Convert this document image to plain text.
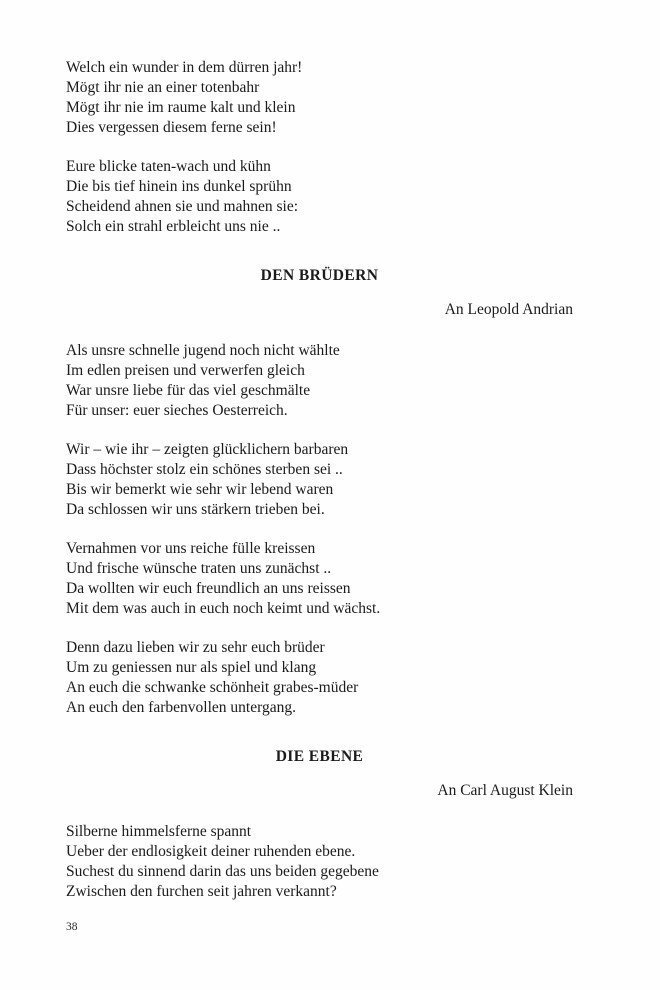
Welch ein wunder in dem dürren jahr!
Mögt ihr nie an einer totenbahr
Mögt ihr nie im raume kalt und klein
Dies vergessen diesem ferne sein!
Eure blicke taten-wach und kühn
Die bis tief hinein ins dunkel sprühn
Scheidend ahnen sie und mahnen sie:
Solch ein strahl erbleicht uns nie ..
DEN BRÜDERN
An Leopold Andrian
Als unsre schnelle jugend noch nicht wählte
Im edlen preisen und verwerfen gleich
War unsre liebe für das viel geschmälte
Für unser: euer sieches Oesterreich.
Wir – wie ihr – zeigten glücklichern barbaren
Dass höchster stolz ein schönes sterben sei ..
Bis wir bemerkt wie sehr wir lebend waren
Da schlossen wir uns stärkern trieben bei.
Vernahmen vor uns reiche fülle kreissen
Und frische wünsche traten uns zunächst ..
Da wollten wir euch freundlich an uns reissen
Mit dem was auch in euch noch keimt und wächst.
Denn dazu lieben wir zu sehr euch brüder
Um zu geniessen nur als spiel und klang
An euch die schwanke schönheit grabes-müder
An euch den farbenvollen untergang.
DIE EBENE
An Carl August Klein
Silberne himmelsferne spannt
Ueber der endlosigkeit deiner ruhenden ebene.
Suchest du sinnend darin das uns beiden gegebene
Zwischen den furchen seit jahren verkannt?
38
